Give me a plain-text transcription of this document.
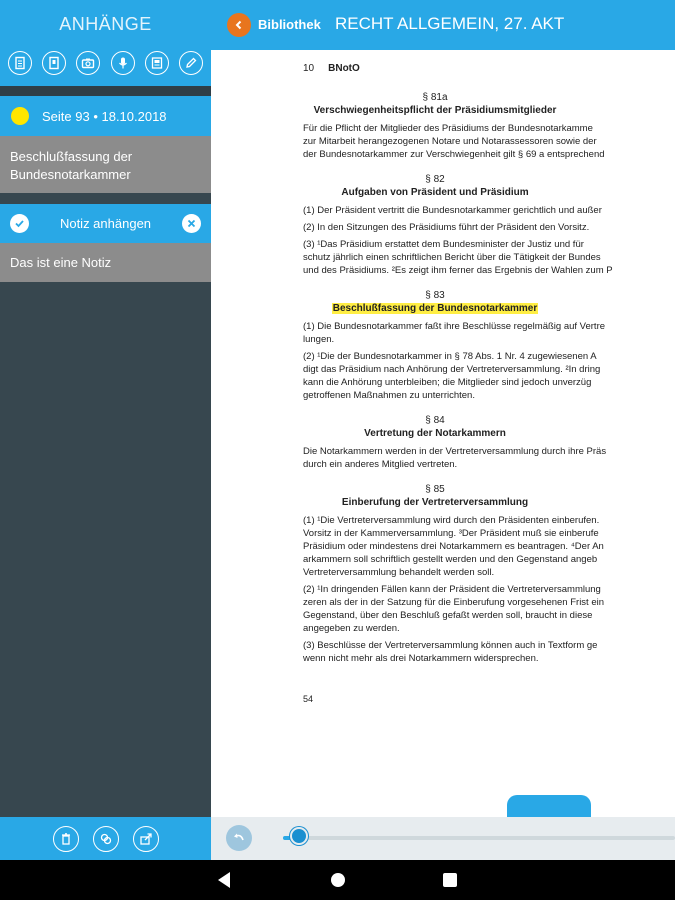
ANHÄNGE
Seite 93 • 18.10.2018
Beschlußfassung der Bundesnotarkammer
Notiz anhängen
Das ist eine Notiz
Bibliothek RECHT ALLGEMEIN, 27. AKT
10 BNotO
§ 81a
Verschwiegenheitspflicht der Präsidiumsmitglieder
Für die Pflicht der Mitglieder des Präsidiums der Bundesnotarkamme
zur Mitarbeit herangezogenen Notare und Notarassessoren sowie der
der Bundesnotarkammer zur Verschwiegenheit gilt § 69 a entsprechend
§ 82
Aufgaben von Präsident und Präsidium
(1) Der Präsident vertritt die Bundesnotarkammer gerichtlich und außer
(2) In den Sitzungen des Präsidiums führt der Präsident den Vorsitz.
(3) ¹Das Präsidium erstattet dem Bundesminister der Justiz und für
schutz jährlich einen schriftlichen Bericht über die Tätigkeit der Bundes
und des Präsidiums. ²Es zeigt ihm ferner das Ergebnis der Wahlen zum P
§ 83
Beschlußfassung der Bundesnotarkammer
(1) Die Bundesnotarkammer faßt ihre Beschlüsse regelmäßig auf Vertre
lungen.
(2) ¹Die der Bundesnotarkammer in § 78 Abs. 1 Nr. 4 zugewiesenen A
digt das Präsidium nach Anhörung der Vertreterversammlung. ²In dring
kann die Anhörung unterbleiben; die Mitglieder sind jedoch unverzüg
getroffenen Maßnahmen zu unterrichten.
§ 84
Vertretung der Notarkammern
Die Notarkammern werden in der Vertreterversammlung durch ihre Präs
durch ein anderes Mitglied vertreten.
§ 85
Einberufung der Vertreterversammlung
(1) ¹Die Vertreterversammlung wird durch den Präsidenten einberufen.
Vorsitz in der Kammerversammlung. ³Der Präsident muß sie einberufe
Präsidium oder mindestens drei Notarkammern es beantragen. ⁴Der An
arkammern soll schriftlich gestellt werden und den Gegenstand angeb
Vertreterversammlung behandelt werden soll.
(2) ¹In dringenden Fällen kann der Präsident die Vertreterversammlung
zeren als der in der Satzung für die Einberufung vorgesehenen Frist ein
Gegenstand, über den Beschluß gefaßt werden soll, braucht in diese
angegeben zu werden.
(3) Beschlüsse der Vertreterversammlung können auch in Textform ge
wenn nicht mehr als drei Notarkammern widersprechen.
54
